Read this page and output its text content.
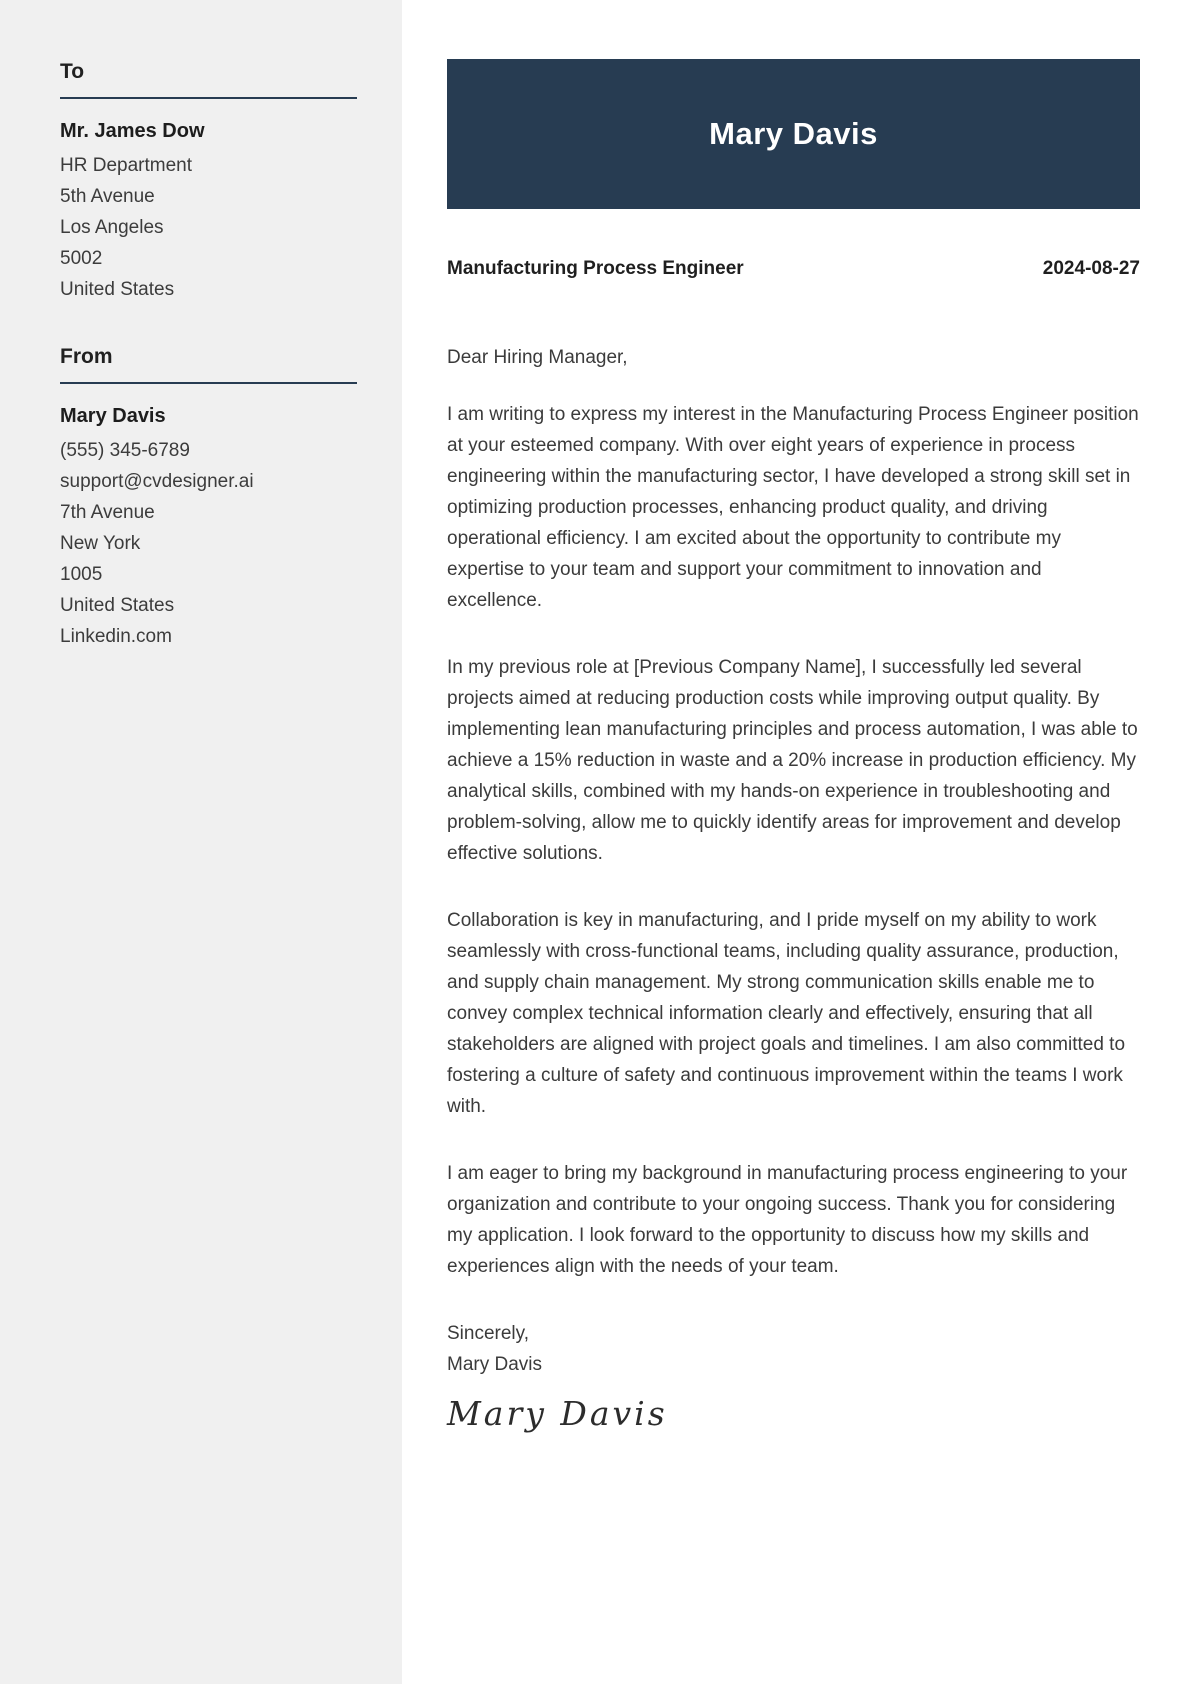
To
Mr. James Dow
HR Department
5th Avenue
Los Angeles
5002
United States
From
Mary Davis
(555) 345-6789
support@cvdesigner.ai
7th Avenue
New York
1005
United States
Linkedin.com
Mary Davis
Manufacturing Process Engineer	2024-08-27

Dear Hiring Manager,

I am writing to express my interest in the Manufacturing Process Engineer position at your esteemed company. With over eight years of experience in process engineering within the manufacturing sector, I have developed a strong skill set in optimizing production processes, enhancing product quality, and driving operational efficiency. I am excited about the opportunity to contribute my expertise to your team and support your commitment to innovation and excellence.

In my previous role at [Previous Company Name], I successfully led several projects aimed at reducing production costs while improving output quality. By implementing lean manufacturing principles and process automation, I was able to achieve a 15% reduction in waste and a 20% increase in production efficiency. My analytical skills, combined with my hands-on experience in troubleshooting and problem-solving, allow me to quickly identify areas for improvement and develop effective solutions.

Collaboration is key in manufacturing, and I pride myself on my ability to work seamlessly with cross-functional teams, including quality assurance, production, and supply chain management. My strong communication skills enable me to convey complex technical information clearly and effectively, ensuring that all stakeholders are aligned with project goals and timelines. I am also committed to fostering a culture of safety and continuous improvement within the teams I work with.

I am eager to bring my background in manufacturing process engineering to your organization and contribute to your ongoing success. Thank you for considering my application. I look forward to the opportunity to discuss how my skills and experiences align with the needs of your team.

Sincerely,
Mary Davis
Mary Davis
